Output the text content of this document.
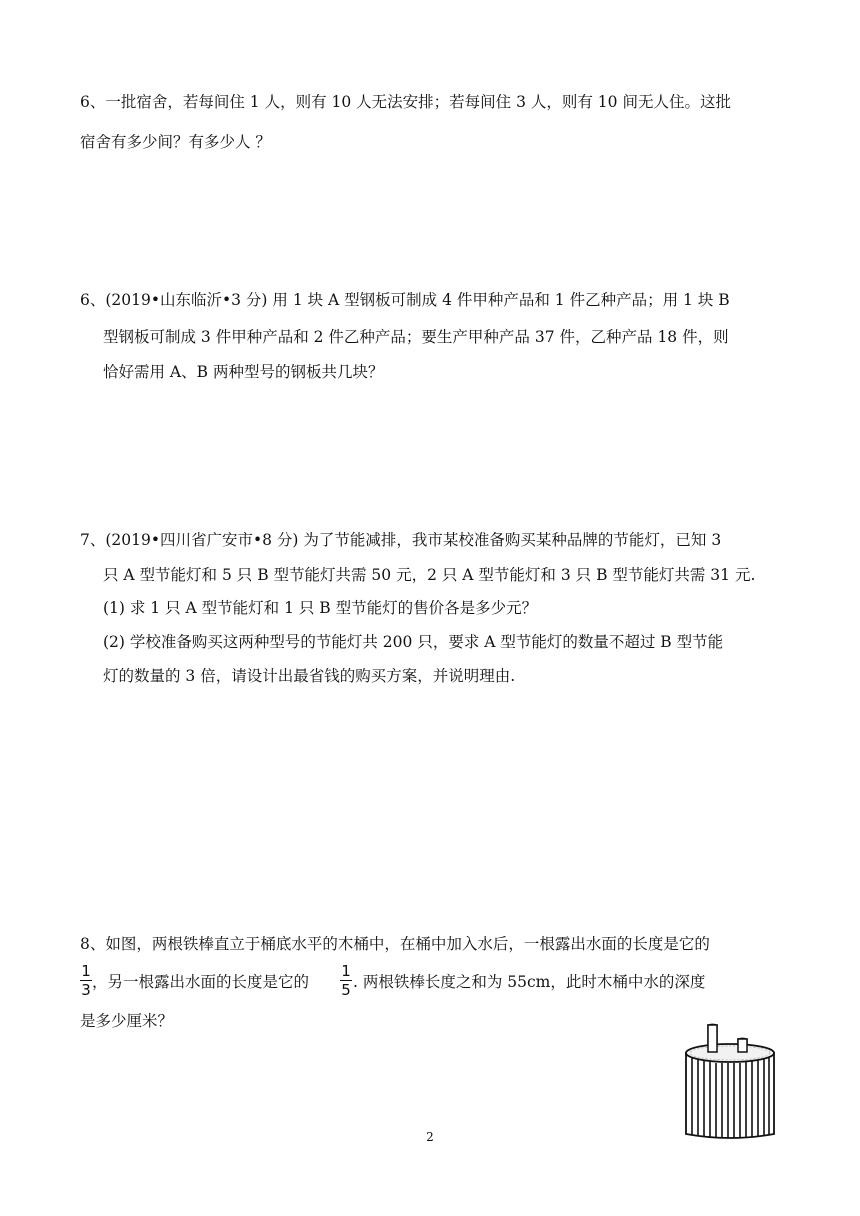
6、一批宿舍，若每间住 1 人，则有 10 人无法安排；若每间住 3 人，则有 10 间无人住。这批
宿舍有多少间？有多少人 ？
6、(2019•山东临沂•3 分) 用 1 块 A 型钢板可制成 4 件甲种产品和 1 件乙种产品；用 1 块 B
型钢板可制成 3 件甲种产品和 2 件乙种产品；要生产甲种产品 37 件，乙种产品 18 件，则
恰好需用 A、B 两种型号的钢板共几块？
7、(2019•四川省广安市•8 分) 为了节能减排，我市某校准备购买某种品牌的节能灯，已知 3
只 A 型节能灯和 5 只 B 型节能灯共需 50 元，2 只 A 型节能灯和 3 只 B 型节能灯共需 31 元.
(1) 求 1 只 A 型节能灯和 1 只 B 型节能灯的售价各是多少元？
(2) 学校准备购买这两种型号的节能灯共 200 只，要求 A 型节能灯的数量不超过 B 型节能
灯的数量的 3 倍，请设计出最省钱的购买方案，并说明理由.
8、如图，两根铁棒直立于桶底水平的木桶中，在桶中加入水后，一根露出水面的长度是它的
1
3 ，另一根露出水面的长度是它的
1
5 . 两根铁棒长度之和为 55cm，此时木桶中水的深度
是多少厘米？
2
